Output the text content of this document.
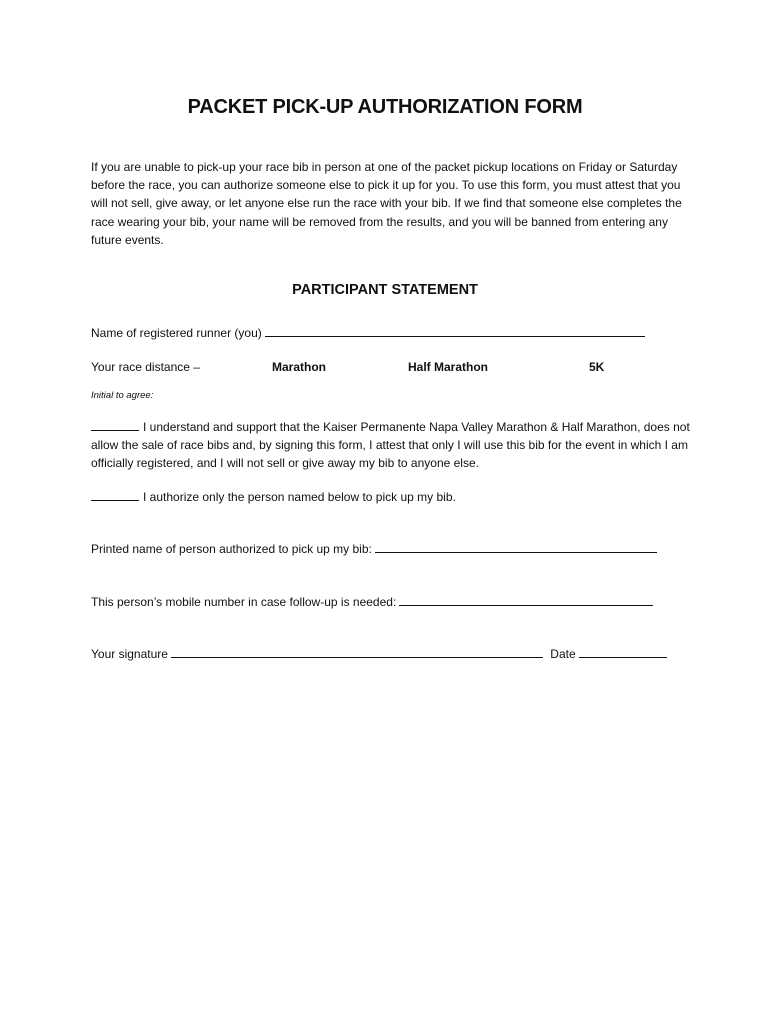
PACKET PICK-UP AUTHORIZATION FORM
If you are unable to pick-up your race bib in person at one of the packet pickup locations on Friday or Saturday before the race, you can authorize someone else to pick it up for you. To use this form, you must attest that you will not sell, give away, or let anyone else run the race with your bib. If we find that someone else completes the race wearing your bib, your name will be removed from the results, and you will be banned from entering any future events.
PARTICIPANT STATEMENT
Name of registered runner (you)
Your race distance –	Marathon	Half Marathon	5K
Initial to agree:
I understand and support that the Kaiser Permanente Napa Valley Marathon & Half Marathon, does not allow the sale of race bibs and, by signing this form, I attest that only I will use this bib for the event in which I am officially registered, and I will not sell or give away my bib to anyone else.
I authorize only the person named below to pick up my bib.
Printed name of person authorized to pick up my bib:
This person’s mobile number in case follow-up is needed:
Your signature	Date
